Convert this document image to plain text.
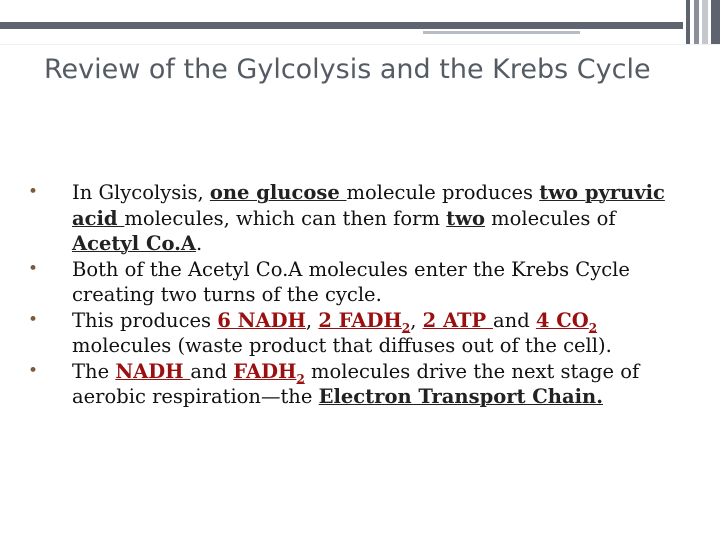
Review of the Gylcolysis and the Krebs Cycle
• In Glycolysis, one glucose molecule produces two pyruvic acid molecules, which can then form two molecules of Acetyl Co.A.
• Both of the Acetyl Co.A molecules enter the Krebs Cycle creating two turns of the cycle.
• This produces 6 NADH, 2 $FADH_2$, 2 ATP and 4 $CO_2$ molecules (waste product that diffuses out of the cell).
• The NADH and $FADH_2$ molecules drive the next stage of aerobic respiration—the Electron Transport Chain.
